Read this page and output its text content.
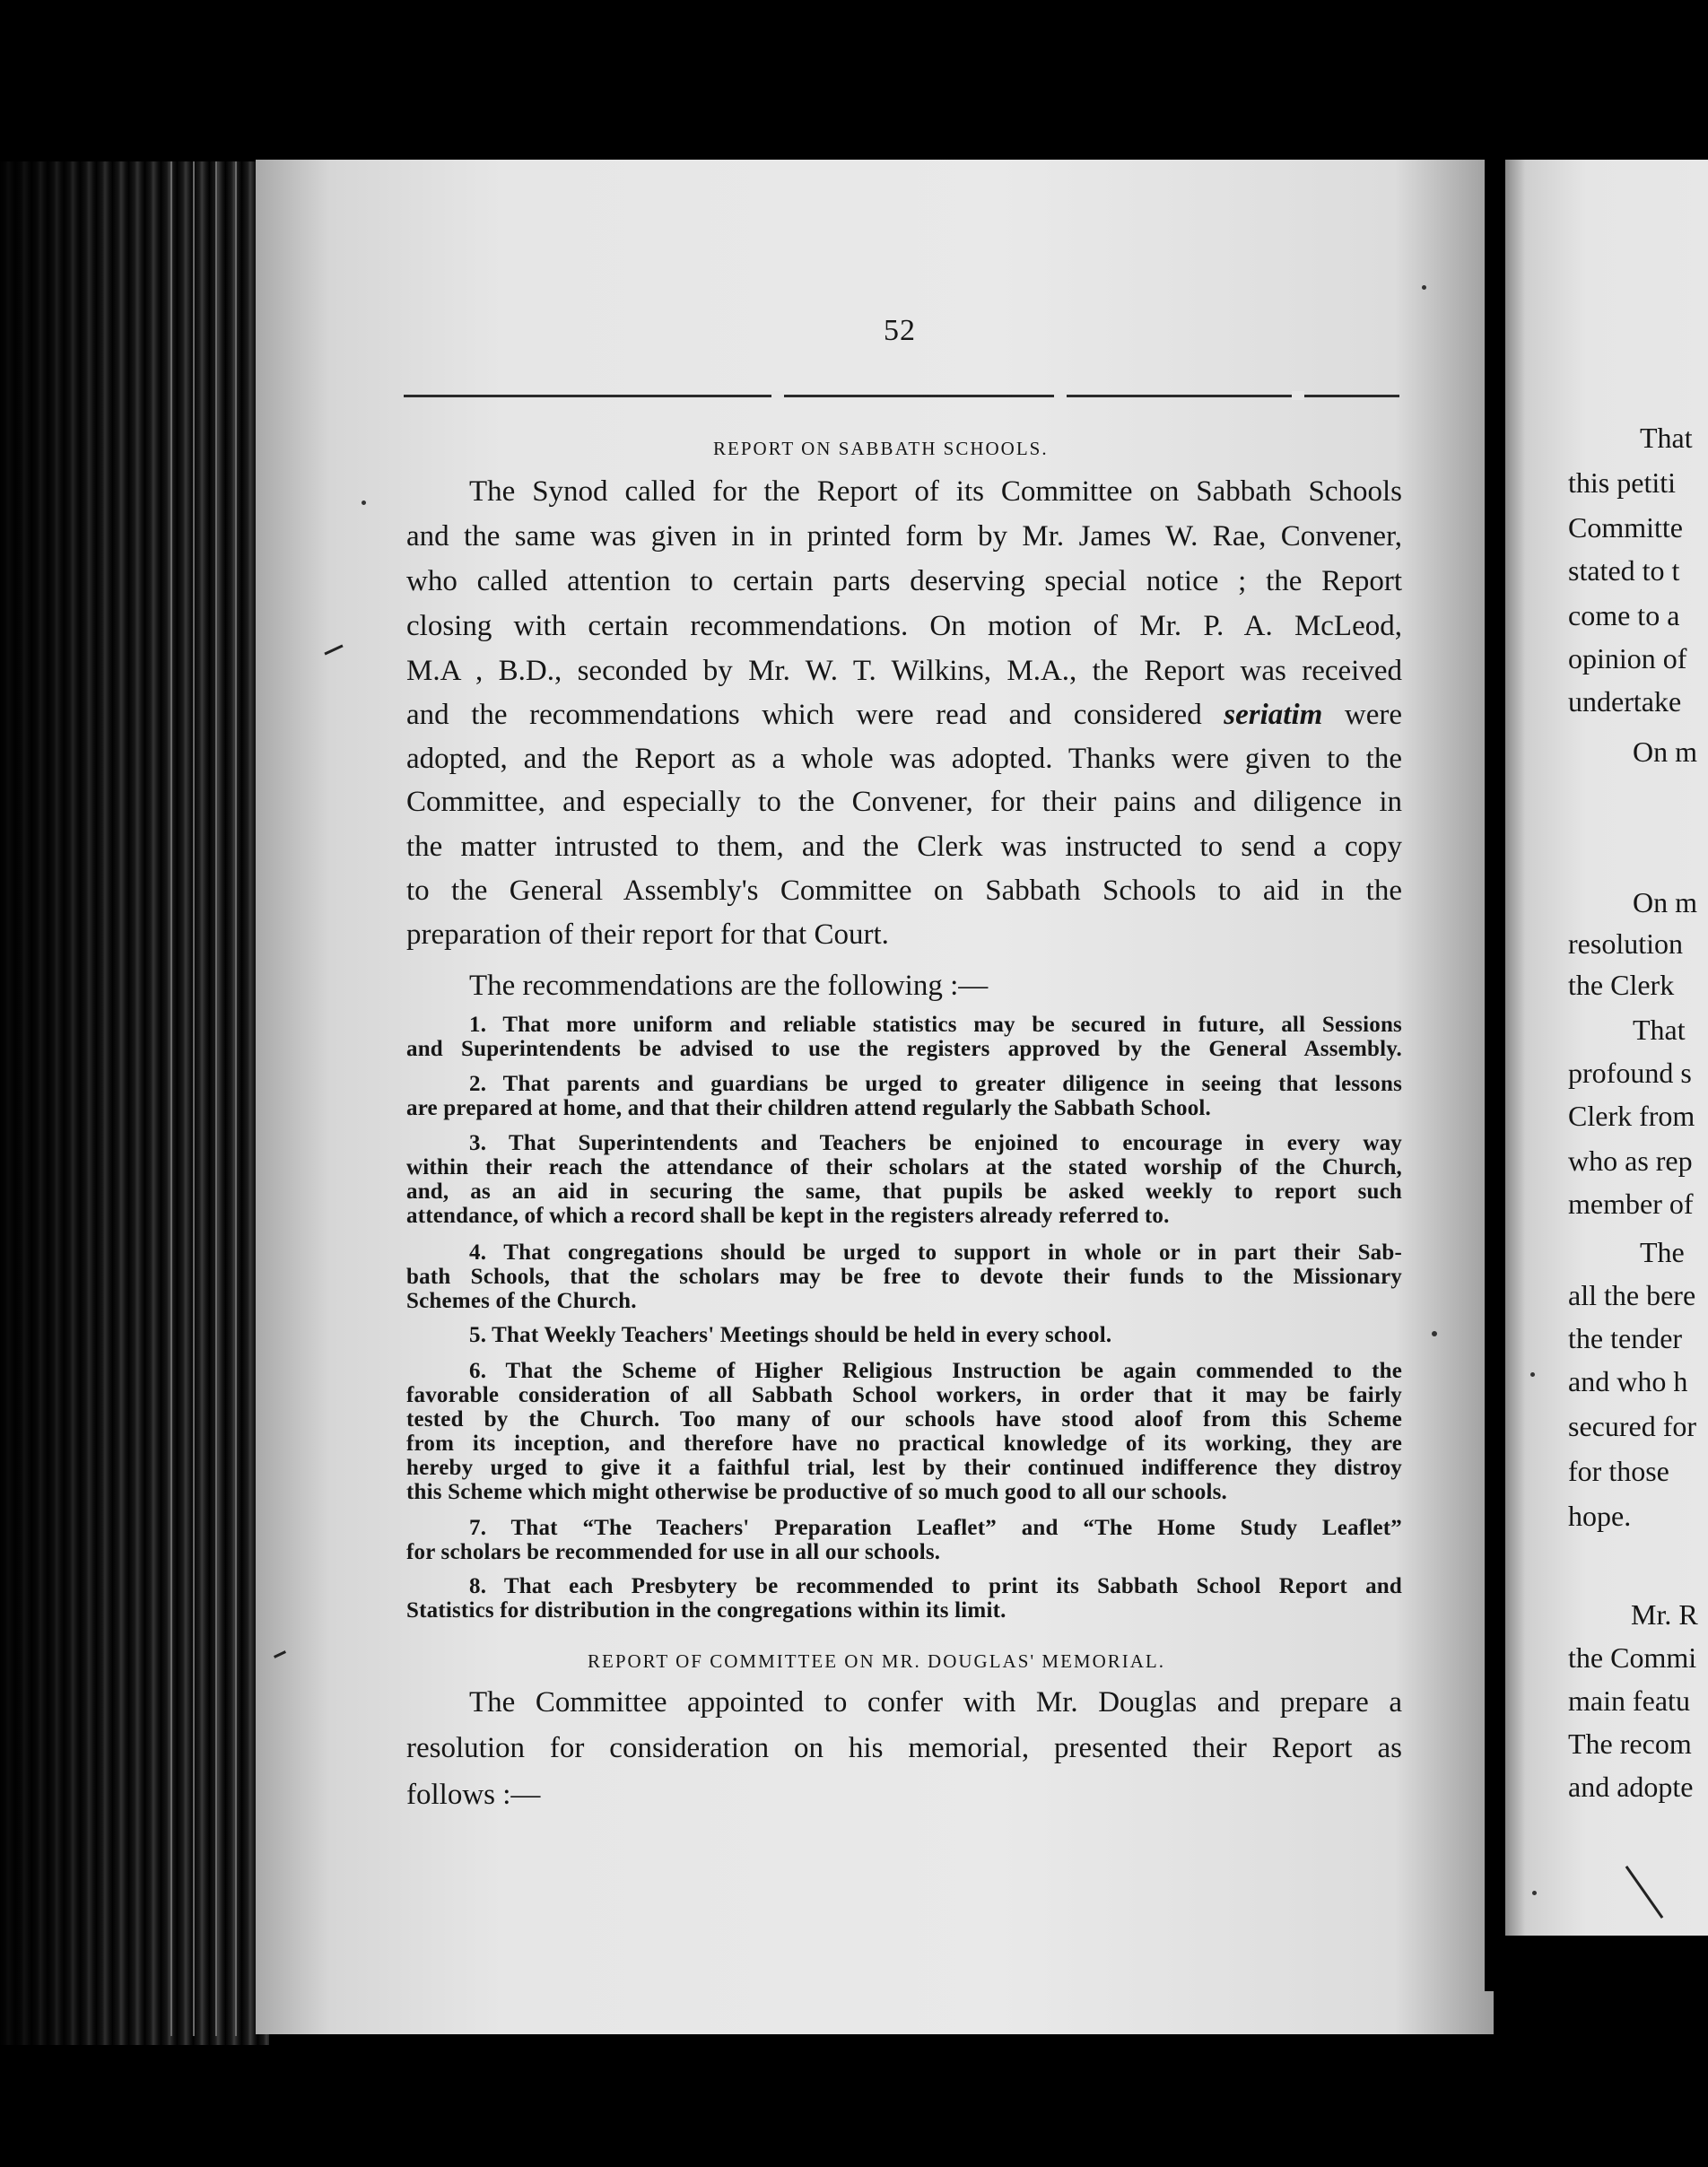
52
REPORT ON SABBATH SCHOOLS.
The Synod called for the Report of its Committee on Sabbath Schools
and the same was given in in printed form by Mr. James W. Rae, Convener,
who called attention to certain parts deserving special notice ; the Report
closing with certain recommendations. On motion of Mr. P. A. McLeod,
M.A , B.D., seconded by Mr. W. T. Wilkins, M.A., the Report was received
and the recommendations which were read and considered seriatim were
adopted, and the Report as a whole was adopted. Thanks were given to the
Committee, and especially to the Convener, for their pains and diligence in
the matter intrusted to them, and the Clerk was instructed to send a copy
to the General Assembly's Committee on Sabbath Schools to aid in the
preparation of their report for that Court.
The recommendations are the following :—
1. That more uniform and reliable statistics may be secured in future, all Sessions
and Superintendents be advised to use the registers approved by the General Assembly.
2. That parents and guardians be urged to greater diligence in seeing that lessons
are prepared at home, and that their children attend regularly the Sabbath School.
3. That Superintendents and Teachers be enjoined to encourage in every way
within their reach the attendance of their scholars at the stated worship of the Church,
and, as an aid in securing the same, that pupils be asked weekly to report such
attendance, of which a record shall be kept in the registers already referred to.
4. That congregations should be urged to support in whole or in part their Sab-
bath Schools, that the scholars may be free to devote their funds to the Missionary
Schemes of the Church.
5. That Weekly Teachers' Meetings should be held in every school.
6. That the Scheme of Higher Religious Instruction be again commended to the
favorable consideration of all Sabbath School workers, in order that it may be fairly
tested by the Church. Too many of our schools have stood aloof from this Scheme
from its inception, and therefore have no practical knowledge of its working, they are
hereby urged to give it a faithful trial, lest by their continued indifference they distroy
this Scheme which might otherwise be productive of so much good to all our schools.
7. That “The Teachers' Preparation Leaflet” and “The Home Study Leaflet”
for scholars be recommended for use in all our schools.
8. That each Presbytery be recommended to print its Sabbath School Report and
Statistics for distribution in the congregations within its limit.
REPORT OF COMMITTEE ON MR. DOUGLAS' MEMORIAL.
The Committee appointed to confer with Mr. Douglas and prepare a
resolution for consideration on his memorial, presented their Report as
follows :—
That
this petiti
Committe
stated to t
come to a
opinion of
undertake
On m
On m
resolution
the Clerk
That
profound s
Clerk from
who as rep
member of
The
all the bere
the tender
and who h
secured for
for those
hope.
Mr. R
the Commi
main featu
The recom
and adopte
